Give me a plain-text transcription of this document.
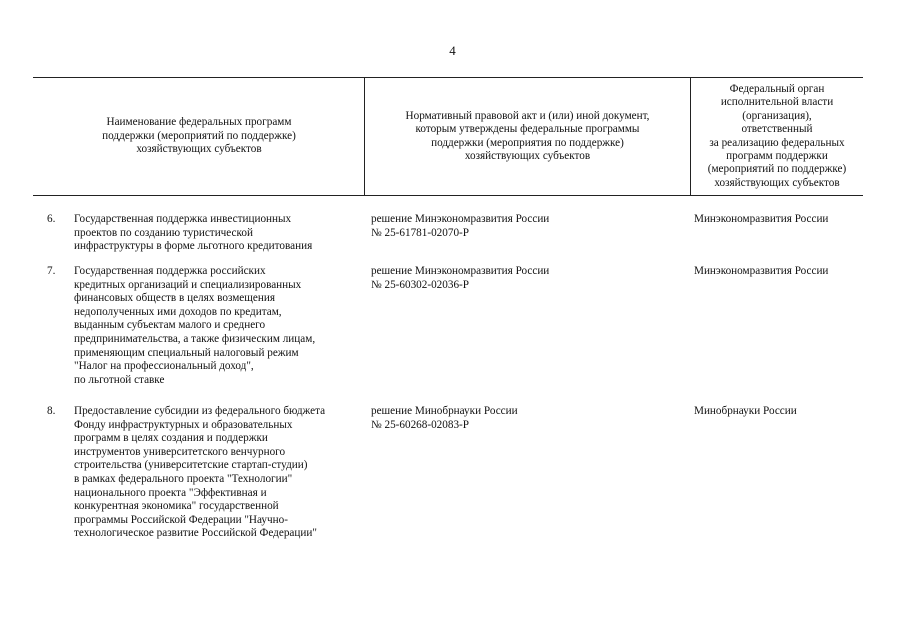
4
Наименование федеральных программ
поддержки (мероприятий по поддержке)
хозяйствующих субъектов
Нормативный правовой акт и (или) иной документ,
которым утверждены федеральные программы
поддержки (мероприятия по поддержке)
хозяйствующих субъектов
Федеральный орган
исполнительной власти
(организация),
ответственный
за реализацию федеральных
программ поддержки
(мероприятий по поддержке)
хозяйствующих субъектов
6. Государственная поддержка инвестиционных
проектов по созданию туристической
инфраструктуры в форме льготного кредитования
решение Минэкономразвития России
№ 25-61781-02070-Р
Минэкономразвития России
7. Государственная поддержка российских
кредитных организаций и специализированных
финансовых обществ в целях возмещения
недополученных ими доходов по кредитам,
выданным субъектам малого и среднего
предпринимательства, а также физическим лицам,
применяющим специальный налоговый режим
"Налог на профессиональный доход",
по льготной ставке
решение Минэкономразвития России
№ 25-60302-02036-Р
Минэкономразвития России
8. Предоставление субсидии из федерального бюджета
Фонду инфраструктурных и образовательных
программ в целях создания и поддержки
инструментов университетского венчурного
строительства (университетские стартап-студии)
в рамках федерального проекта "Технологии"
национального проекта "Эффективная и
конкурентная экономика" государственной
программы Российской Федерации "Научно-
технологическое развитие Российской Федерации"
решение Минобрнауки России
№ 25-60268-02083-Р
Минобрнауки России
